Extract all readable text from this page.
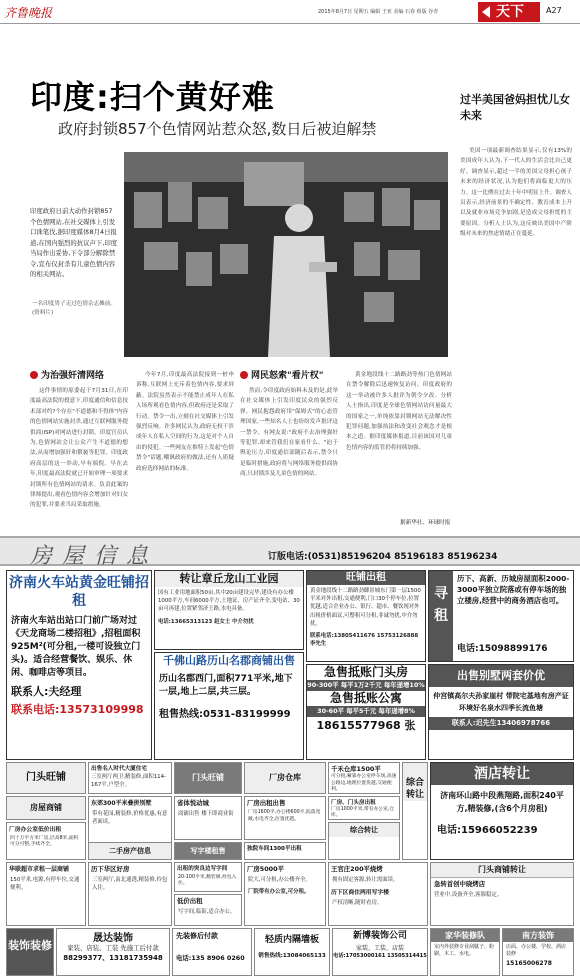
齐鲁晚报	2015年8月7日 星期五 编辑 王亚 美编 石春 组版 谷青	天下	A27
印度:扫个黄好难
政府封锁857个色情网站惹众怒,数日后被迫解禁
印度政府日前大动作封锁857个色情网站,在社交媒体上引发口诛笔伐,据印度媒体8月4日报道,在国内强烈的抗议声下,印度当局作出妥协,下令部分解除禁令,宣布仅封杀有儿童色情内容的相关网站。
一名印度男子走过色情杂志摊前。(资料片)
过半美国爸妈担忧儿女未来

美国一项最新调查结果显示,仅有13%的美国成年人认为,下一代人的生活会比自己更好。调查显示,超过一半的美国父母担心孩子未来的经济状况,认为他们将面临更大的压力。这一比例在过去十年中明显上升。调查人员表示,经济前景的不确定性、教育成本上升以及就业市场竞争加剧,是造成父母担忧的主要原因。分析人士认为,这反映出美国中产阶级对未来的焦虑情绪正在蔓延。

为治强奸清网络	网民怒索"看片权"

这件事情的原委起于7月31日,在印度最高法院的授意下,印度通信和信息技术部对约?个存在"不道德和不得体"内容的色情网站实施封杀,通过互联网服务提供商(ISP)对网站进行封锁。印度官员认为,色情网站会让公众产生不道德的想法,从而增加强奸和猥亵等犯罪。印度政府高层的这一举动,早有端倪。早在去年,印度最高法院就已开始审理一项要求封锁所有色情网站的请求。负责此案的律师提出,观看色情内容会增加针对妇女的犯罪,并要求当局采取措施。

今年7月,印度最高法院接到一桩申诉称,互联网上充斥着色情内容,要求屏蔽。法院虽然表示不能禁止成年人在私人场所观看色情内容,但政府还是采取了行动。禁令一出,立刻在社交媒体上引发强烈反响。许多网民认为,政府无权干涉成年人在私人空间的行为,这是对个人自由的侵犯。一些网友在推特上发起"色情禁令"话题,嘲讽政府的做法,还有人质疑政府选择网站的标准。

然而,令印度政府始料未及的是,此举在社交媒体上引发印度民众的强烈反弹。网民抱怨政府用"保姆式"的心态管理国家,一些知名人士也纷纷发声批评这一禁令。有网友说:"政府不去治理强奸等犯罪,却来管我们在家看什么。"迫于舆论压力,印度通信部随后表示,禁令只是临时措施,政府将与网络服务提供商协商,只封锁涉及儿童色情的网站。

黄金地段线十二路路劲等热门色情网站在禁令解除后迅速恢复访问。印度政府的这一举动被许多人批评为朝令夕改。分析人士指出,印度是全球色情网站访问量最大的国家之一,单纯依靠封锁网站无法解决性犯罪问题,加强执法和改变社会观念才是根本之道。据印度媒体报道,目前该国对儿童色情内容的监管仍将持续加强。

据新华社、环球时报
房屋信息	订版电话:(0531)85196204 85196183 85196234
济南火车站黄金旺铺招租
济南火车站出站口门前广场对过《天龙商场二楼招租》,招租面积925M²(可分租,一楼可设独立门头)。适合经营餐饮、娱乐、休闲、咖啡店等项目。
联系人:夫经理
联系电话:13573109998
转让章丘龙山工业园
国有工业用地面积50亩,其中20亩建设完毕,建设有办公楼1000平方,车间6000平方,土地证、房产证齐全,变电站、30亩可再建,位置紧邻济王路,水电具备。
电话:13665313123 赵女士 中介勿扰
千佛山路历山名郡商铺出售
历山名郡西门,面积771平米,地下一层,地上二层,共三层。
租售热线:0531-83199999
旺铺出租
黄金地段线十二路路劲御景城东门第一层1500平米对外出租,交通便利,门口30个停车位,位置优越,适合企业办公、银行、超市、餐饮现对外出租价格面议,可整租可分租,非诚勿扰,中介勿扰。
联系电话:13805411676 15753126888 李先生
急售抵账门头房
90-300平 每平1万2千元 每年递增10%
急售抵账公寓
30-60平 每平5千元 每年递增8%
18615577968 张
寻租
历下、高新、历城房屋面积2000-3000平独立院落或有停车场的独立楼房,经营中的商务酒店也可。
电话:15098899176
出售别墅两套价优
仲宫镇高尔夫孙家崖村 带院宅基地有房产证 环境好名泉水四季长流鱼塘
联系人:迟先生13406978766
门头旺铺
出售名人时代大厦住宅
三室两厅两卫,精装修,面积114-167平,户型全。
门头旺铺	厂房仓库
千禾仓库1500平
可分租,紧靠办公室停车场,高速公路边,地理位置优越,交通便利。
综合转让
酒店转让
济南环山路中段燕翔路,面积240平方,精装修,(含6个月房租)
电话:15966052239
房屋商铺	东郊300平米叠拼别墅
带有花园,精装修,价格优惠,有意者面谈。
省体悦动城
商铺出售 楼下即商业街
厂房出租出售
厂房1600平,办公楼600平,院落宽敞,水电齐全,位置优越。
厂房、门头房出租
厂房1000平米,带有办公室,仓库。
厂房办公室低价出租
四十万平方米厂房,层高8米,面积可分可整,手续齐全。
写字楼租售
二手房产信息	独院车间1300平出租
综合转让
华联超市求租一层商铺
150平米,电源,有停车位,交通便利。
历下华区好房
三室两厅,南北通透,精装修,拎包入住。
出租的突良边写字间
20-100平米,精装修,拎包入住。
低价出租
写字间,临街,适合办公。
厂房5000平
院大,可分租,办公楼齐全。
厂院带有办公室,可分租。
王官庄200平烧烤
拥有固定客源,转让需面谈。
历下区商住两用写字楼
产权清晰,随时看房。
门头商铺转让
急转首创中晓烤店
营业中,设备齐全,客源稳定。
装饰装修
晟达装饰
家装、店装、工装 先施工后付款
88299377、13181735948
先装修后付款
电话:135 8906 0260
轻质内隔墙板
销售热线:13084065133
新博装饰公司
家装、工装、店装
电话:17053000161 13505314415
家华装修队
室内外装修专业刮腻子、粉刷、木工、水电。
南方装饰
店面、办公楼、学校、酒店装修
15165006278
